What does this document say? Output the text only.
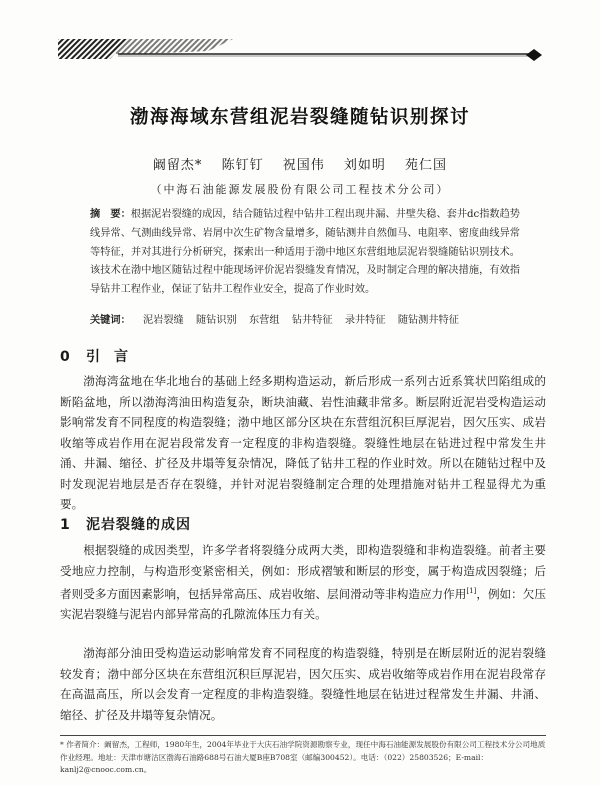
渤海海域东营组泥岩裂缝随钻识别探讨
阚留杰* 陈钉钉 祝国伟 刘如明 苑仁国
（中海石油能源发展股份有限公司工程技术分公司）
摘　要：根据泥岩裂缝的成因，结合随钻过程中钻井工程出现井漏、井壁失稳、套井dc指数趋势线异常、气测曲线异常、岩屑中次生矿物含量增多，随钻测井自然伽马、电阻率、密度曲线异常等特征，并对其进行分析研究，探索出一种适用于渤中地区东营组地层泥岩裂缝随钻识别技术。该技术在渤中地区随钻过程中能现场评价泥岩裂缝发育情况，及时制定合理的解决措施，有效指导钻井工程作业，保证了钻井工程作业安全，提高了作业时效。
关键词： 泥岩裂缝 随钻识别 东营组 钻井特征 录井特征 随钻测井特征
0 引言

渤海湾盆地在华北地台的基础上经多期构造运动，新后形成一系列古近系箕状凹陷组成的断陷盆地，所以渤海湾油田构造复杂，断块油藏、岩性油藏非常多。断层附近泥岩受构造运动影响常发育不同程度的构造裂缝；渤中地区部分区块在东营组沉积巨厚泥岩，因欠压实、成岩收缩等成岩作用在泥岩段常发育一定程度的非构造裂缝。裂缝性地层在钻进过程中常发生井涌、井漏、缩径、扩径及井塌等复杂情况，降低了钻井工程的作业时效。所以在随钻过程中及时发现泥岩地层是否存在裂缝，并针对泥岩裂缝制定合理的处理措施对钻井工程显得尤为重要。

1 泥岩裂缝的成因

根据裂缝的成因类型，许多学者将裂缝分成两大类，即构造裂缝和非构造裂缝。前者主要受地应力控制，与构造形变紧密相关，例如：形成褶皱和断层的形变，属于构造成因裂缝；后者则受多方面因素影响，包括异常高压、成岩收缩、层间滑动等非构造应力作用[1]，例如：欠压实泥岩裂缝与泥岩内部异常高的孔隙流体压力有关。

渤海部分油田受构造运动影响常发育不同程度的构造裂缝，特别是在断层附近的泥岩裂缝较发育；渤中部分区块在东营组沉积巨厚泥岩，因欠压实、成岩收缩等成岩作用在泥岩段常存在高温高压，所以会发育一定程度的非构造裂缝。裂缝性地层在钻进过程常发生井漏、井涌、缩径、扩径及井塌等复杂情况。

* 作者简介：阚留杰，工程师，1980年生，2004年毕业于大庆石油学院资源勘察专业，现任中海石油能源发展股份有限公司工程技术分公司地质作业经理。地址：天津市塘沽区渤海石油路688号石油大厦B座B708室（邮编300452）。电话：（022）25803526；E-mail：kanlj2@cnooc.com.cn。
